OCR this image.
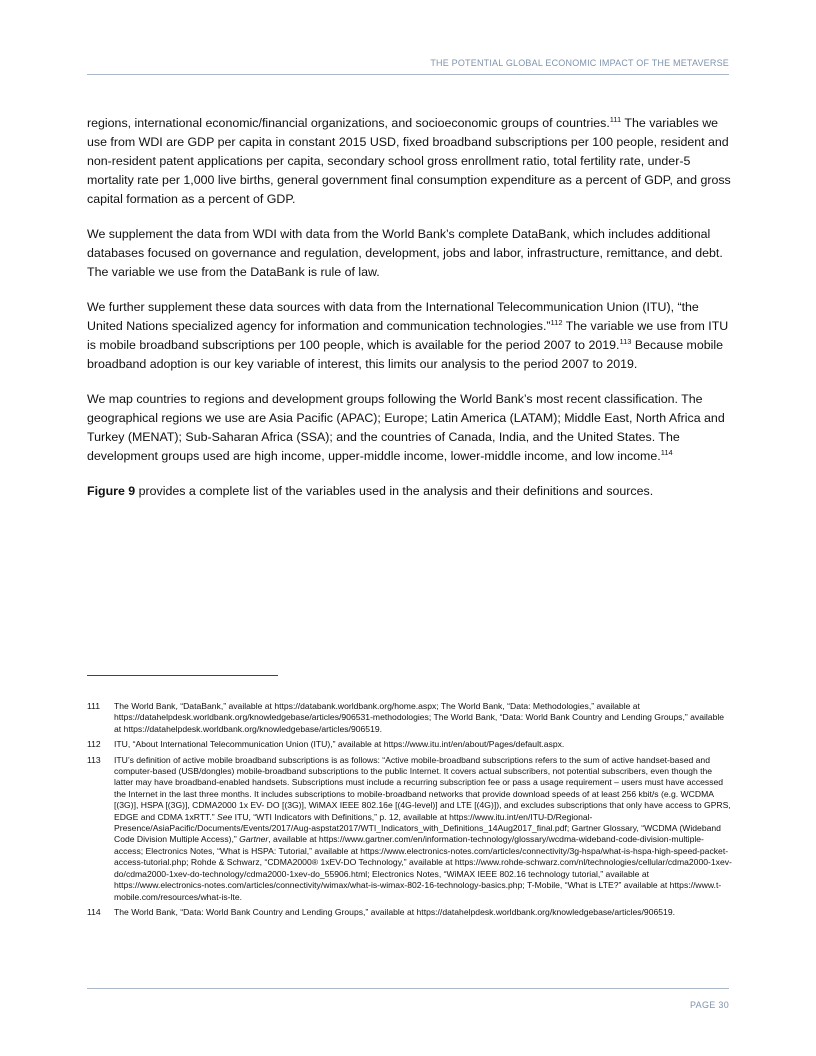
THE POTENTIAL GLOBAL ECONOMIC IMPACT OF THE METAVERSE

regions, international economic/financial organizations, and socioeconomic groups of countries.$^{111}$ The variables we use from WDI are GDP per capita in constant 2015 USD, fixed broadband subscriptions per 100 people, resident and non-resident patent applications per capita, secondary school gross enrollment ratio, total fertility rate, under-5 mortality rate per 1,000 live births, general government final consumption expenditure as a percent of GDP, and gross capital formation as a percent of GDP.

We supplement the data from WDI with data from the World Bank’s complete DataBank, which includes additional databases focused on governance and regulation, development, jobs and labor, infrastructure, remittance, and debt. The variable we use from the DataBank is rule of law.

We further supplement these data sources with data from the International Telecommunication Union (ITU), “the United Nations specialized agency for information and communication technologies.”$^{112}$ The variable we use from ITU is mobile broadband subscriptions per 100 people, which is available for the period 2007 to 2019.$^{113}$ Because mobile broadband adoption is our key variable of interest, this limits our analysis to the period 2007 to 2019.

We map countries to regions and development groups following the World Bank’s most recent classification. The geographical regions we use are Asia Pacific (APAC); Europe; Latin America (LATAM); Middle East, North Africa and Turkey (MENAT); Sub-Saharan Africa (SSA); and the countries of Canada, India, and the United States. The development groups used are high income, upper-middle income, lower-middle income, and low income.$^{114}$

Figure 9 provides a complete list of the variables used in the analysis and their definitions and sources.

111	The World Bank, “DataBank,” available at https://databank.worldbank.org/home.aspx; The World Bank, “Data: Methodologies,” available at https://datahelpdesk.worldbank.org/knowledgebase/articles/906531-methodologies; The World Bank, “Data: World Bank Country and Lending Groups,” available at https://datahelpdesk.worldbank.org/knowledgebase/articles/906519.
112	ITU, “About International Telecommunication Union (ITU),” available at https://www.itu.int/en/about/Pages/default.aspx.
113	ITU’s definition of active mobile broadband subscriptions is as follows: “Active mobile-broadband subscriptions refers to the sum of active handset-based and computer-based (USB/dongles) mobile-broadband subscriptions to the public Internet. It covers actual subscribers, not potential subscribers, even though the latter may have broadband-enabled handsets. Subscriptions must include a recurring subscription fee or pass a usage requirement – users must have accessed the Internet in the last three months. It includes subscriptions to mobile-broadband networks that provide download speeds of at least 256 kbit/s (e.g. WCDMA [(3G)], HSPA [(3G)], CDMA2000 1x EV- DO [(3G)], WiMAX IEEE 802.16e [(4G-level)] and LTE [(4G)]), and excludes subscriptions that only have access to GPRS, EDGE and CDMA 1xRTT.” See ITU, “WTI Indicators with Definitions,” p. 12, available at https://www.itu.int/en/ITU-D/Regional-Presence/AsiaPacific/Documents/Events/2017/Aug-aspstat2017/WTI_Indicators_with_Definitions_14Aug2017_final.pdf; Gartner Glossary, “WCDMA (Wideband Code Division Multiple Access),” Gartner, available at https://www.gartner.com/en/information-technology/glossary/wcdma-wideband-code-division-multiple-access; Electronics Notes, “What is HSPA: Tutorial,” available at https://www.electronics-notes.com/articles/connectivity/3g-hspa/what-is-hspa-high-speed-packet-access-tutorial.php; Rohde & Schwarz, “CDMA2000® 1xEV-DO Technology,” available at https://www.rohde-schwarz.com/nl/technologies/cellular/cdma2000-1xev-do/cdma2000-1xev-do-technology/cdma2000-1xev-do_55906.html; Electronics Notes, “WiMAX IEEE 802.16 technology tutorial,” available at https://www.electronics-notes.com/articles/connectivity/wimax/what-is-wimax-802-16-technology-basics.php; T-Mobile, “What is LTE?” available at https://www.t-mobile.com/resources/what-is-lte.
114	The World Bank, “Data: World Bank Country and Lending Groups,” available at https://datahelpdesk.worldbank.org/knowledgebase/articles/906519.
PAGE 30
